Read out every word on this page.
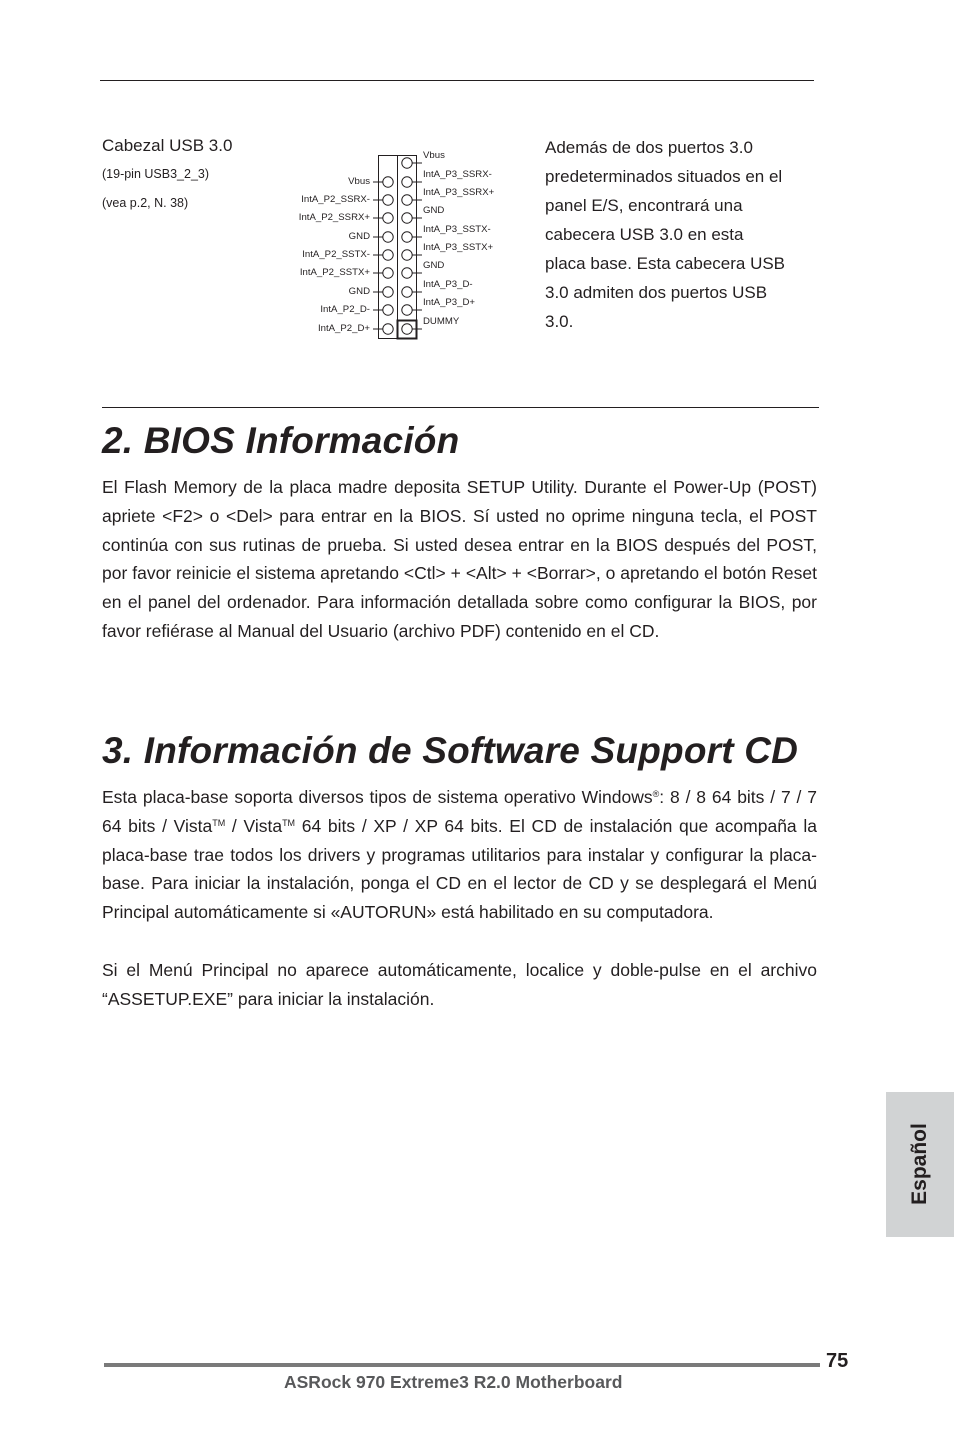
Cabezal USB 3.0
(19-pin USB3_2_3)
(vea p.2, N. 38)
Vbus
IntA_P2_SSRX-
IntA_P2_SSRX+
GND
IntA_P2_SSTX-
IntA_P2_SSTX+
GND
IntA_P2_D-
IntA_P2_D+
Vbus
IntA_P3_SSRX-
IntA_P3_SSRX+
GND
IntA_P3_SSTX-
IntA_P3_SSTX+
GND
IntA_P3_D-
IntA_P3_D+
DUMMY
Además de dos puertos 3.0
predeterminados situados en el
panel E/S, encontrará una
cabecera USB 3.0 en esta
placa base. Esta cabecera USB
3.0 admiten dos puertos USB
3.0.
2. BIOS Información

El Flash Memory de la placa madre deposita SETUP Utility. Durante el Power-Up (POST) apriete <F2> o <Del> para entrar en la BIOS. Sí usted no oprime ninguna tecla, el POST continúa con sus rutinas de prueba. Si usted desea entrar en la BIOS después del POST, por favor reinicie el sistema apretando <Ctl> + <Alt> + <Borrar>, o apretando el botón Reset en el panel del ordenador. Para información detallada sobre como configurar la BIOS, por favor refiérase al Manual del Usuario (archivo PDF) contenido en el CD.

3. Información de Software Support CD

Esta placa-base soporta diversos tipos de sistema operativo Windows®: 8 / 8 64 bits / 7 / 7 64 bits / Vista™ / Vista™ 64 bits / XP / XP 64 bits. El CD de instalación que acompaña la placa-base trae todos los drivers y programas utilitarios para instalar y configurar la placa-base. Para iniciar la instalación, ponga el CD en el lector de CD y se desplegará el Menú Principal automáticamente si «AUTORUN» está habilitado en su computadora.

Si el Menú Principal no aparece automáticamente, localice y doble-pulse en el archivo “ASSETUP.EXE” para iniciar la instalación.

Español
75
ASRock 970 Extreme3 R2.0 Motherboard
